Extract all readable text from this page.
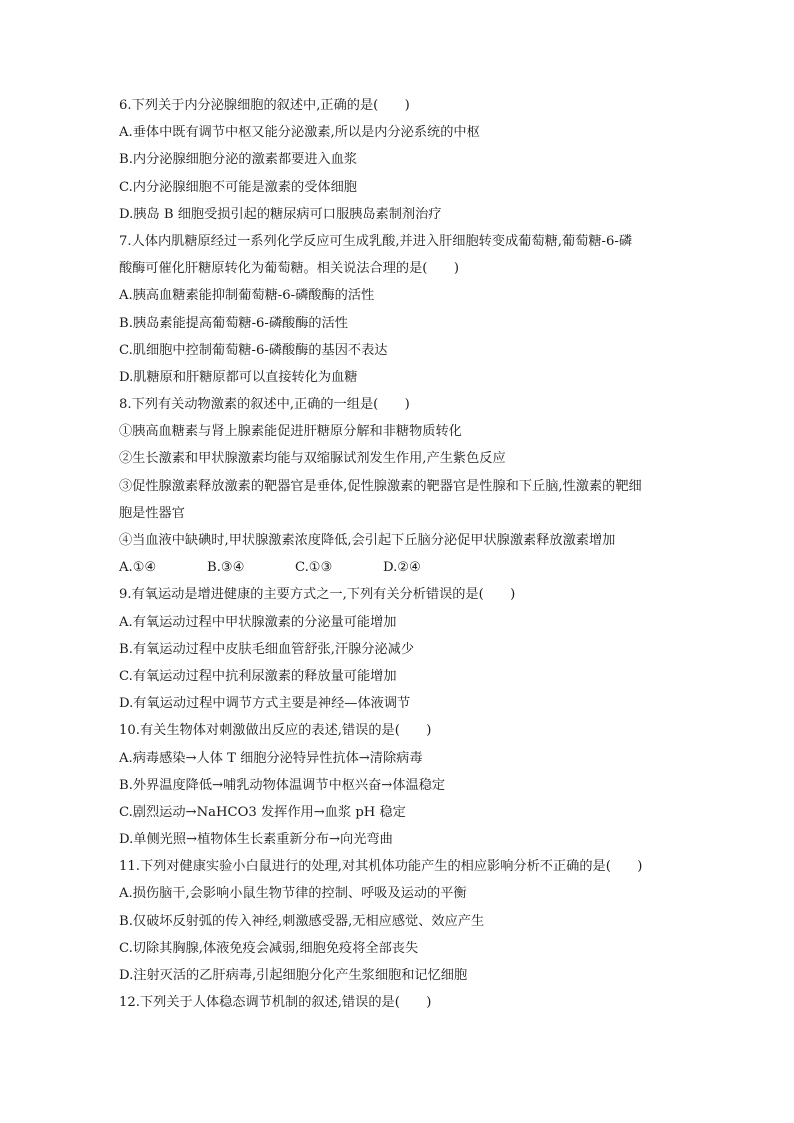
6.下列关于内分泌腺细胞的叙述中,正确的是(　　)
A.垂体中既有调节中枢又能分泌激素,所以是内分泌系统的中枢
B.内分泌腺细胞分泌的激素都要进入血浆
C.内分泌腺细胞不可能是激素的受体细胞
D.胰岛 B 细胞受损引起的糖尿病可口服胰岛素制剂治疗
7.人体内肌糖原经过一系列化学反应可生成乳酸,并进入肝细胞转变成葡萄糖,葡萄糖-6-磷
酸酶可催化肝糖原转化为葡萄糖。相关说法合理的是(　　)
A.胰高血糖素能抑制葡萄糖-6-磷酸酶的活性
B.胰岛素能提高葡萄糖-6-磷酸酶的活性
C.肌细胞中控制葡萄糖-6-磷酸酶的基因不表达
D.肌糖原和肝糖原都可以直接转化为血糖
8.下列有关动物激素的叙述中,正确的一组是(　　)
①胰高血糖素与肾上腺素能促进肝糖原分解和非糖物质转化
②生长激素和甲状腺激素均能与双缩脲试剂发生作用,产生紫色反应
③促性腺激素释放激素的靶器官是垂体,促性腺激素的靶器官是性腺和下丘脑,性激素的靶细
胞是性器官
④当血液中缺碘时,甲状腺激素浓度降低,会引起下丘脑分泌促甲状腺激素释放激素增加
A.①④	B.③④	C.①③	D.②④
9.有氧运动是增进健康的主要方式之一,下列有关分析错误的是(　　)
A.有氧运动过程中甲状腺激素的分泌量可能增加
B.有氧运动过程中皮肤毛细血管舒张,汗腺分泌减少
C.有氧运动过程中抗利尿激素的释放量可能增加
D.有氧运动过程中调节方式主要是神经—体液调节
10.有关生物体对刺激做出反应的表述,错误的是(　　)
A.病毒感染→人体 T 细胞分泌特异性抗体→清除病毒
B.外界温度降低→哺乳动物体温调节中枢兴奋→体温稳定
C.剧烈运动→NaHCO3 发挥作用→血浆 pH 稳定
D.单侧光照→植物体生长素重新分布→向光弯曲
11.下列对健康实验小白鼠进行的处理,对其机体功能产生的相应影响分析不正确的是(　　)
A.损伤脑干,会影响小鼠生物节律的控制、呼吸及运动的平衡
B.仅破坏反射弧的传入神经,刺激感受器,无相应感觉、效应产生
C.切除其胸腺,体液免疫会减弱,细胞免疫将全部丧失
D.注射灭活的乙肝病毒,引起细胞分化产生浆细胞和记忆细胞
12.下列关于人体稳态调节机制的叙述,错误的是(　　)
